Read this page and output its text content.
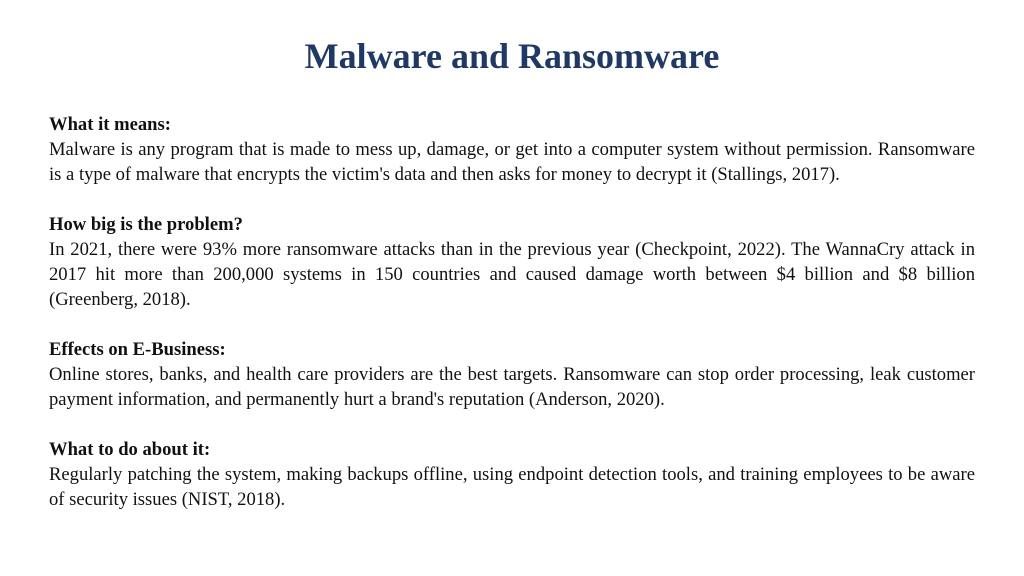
Malware and Ransomware

What it means:

Malware is any program that is made to mess up, damage, or get into a computer system without permission. Ransomware is a type of malware that encrypts the victim's data and then asks for money to decrypt it (Stallings, 2017).

How big is the problem?

In 2021, there were 93% more ransomware attacks than in the previous year (Checkpoint, 2022). The WannaCry attack in 2017 hit more than 200,000 systems in 150 countries and caused damage worth between $4 billion and $8 billion (Greenberg, 2018).

Effects on E-Business:

Online stores, banks, and health care providers are the best targets. Ransomware can stop order processing, leak customer payment information, and permanently hurt a brand's reputation (Anderson, 2020).

What to do about it:

Regularly patching the system, making backups offline, using endpoint detection tools, and training employees to be aware of security issues (NIST, 2018).
